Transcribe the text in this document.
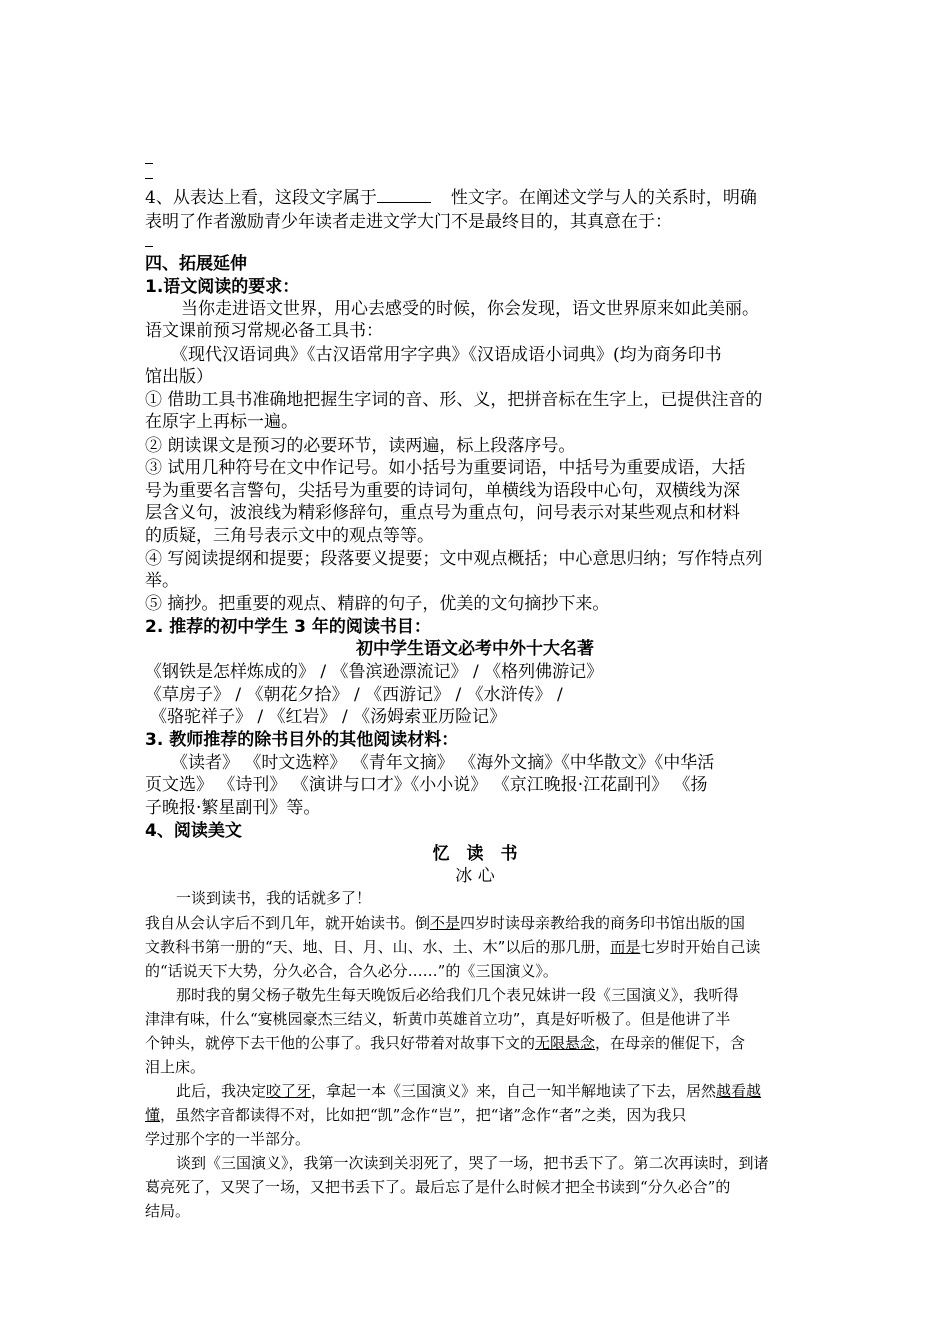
4、从表达上看，这段文字属于	性文字。在阐述文学与人的关系时，明确
表明了作者激励青少年读者走进文学大门不是最终目的，其真意在于：
四、拓展延伸
1.语文阅读的要求：
当你走进语文世界，用心去感受的时候，你会发现，语文世界原来如此美丽。
语文课前预习常规必备工具书：
《现代汉语词典》《古汉语常用字字典》《汉语成语小词典》(均为商务印书
馆出版）
① 借助工具书准确地把握生字词的音、形、义，把拼音标在生字上，已提供注音的
在原字上再标一遍。
② 朗读课文是预习的必要环节，读两遍，标上段落序号。
③ 试用几种符号在文中作记号。如小括号为重要词语，中括号为重要成语，大括
号为重要名言警句，尖括号为重要的诗词句，单横线为语段中心句，双横线为深
层含义句，波浪线为精彩修辞句，重点号为重点句，问号表示对某些观点和材料
的质疑，三角号表示文中的观点等等。
④ 写阅读提纲和提要；段落要义提要；文中观点概括；中心意思归纳；写作特点列
举。
⑤ 摘抄。把重要的观点、精辟的句子，优美的文句摘抄下来。
2. 推荐的初中学生 3 年的阅读书目：
初中学生语文必考中外十大名著
《钢铁是怎样炼成的》 / 《鲁滨逊漂流记》 / 《格列佛游记》
《草房子》 / 《朝花夕拾》 / 《西游记》 / 《水浒传》 /
《骆驼祥子》 / 《红岩》 / 《汤姆索亚历险记》
3. 教师推荐的除书目外的其他阅读材料：
《读者》 《时文选粹》 《青年文摘》 《海外文摘》《中华散文》《中华活
页文选》 《诗刊》 《演讲与口才》《小小说》 《京江晚报·江花副刊》 《扬
子晚报·繁星副刊》等。
4、阅读美文
忆　读　书
冰 心
一谈到读书，我的话就多了！
我自从会认字后不到几年，就开始读书。倒不是四岁时读母亲教给我的商务印书馆出版的国
文教科书第一册的“天、地、日、月、山、水、土、木”以后的那几册，而是七岁时开始自己读
的“话说天下大势，分久必合，合久必分……”的《三国演义》。
那时我的舅父杨子敬先生每天晚饭后必给我们几个表兄妹讲一段《三国演义》，我听得
津津有味，什么“宴桃园豪杰三结义，斩黄巾英雄首立功”，真是好听极了。但是他讲了半
个钟头，就停下去干他的公事了。我只好带着对故事下文的无限悬念，在母亲的催促下，含
泪上床。
此后，我决定咬了牙，拿起一本《三国演义》来，自己一知半解地读了下去，居然越看越
懂，虽然字音都读得不对，比如把“凯”念作“岂”，把“诸”念作“者”之类，因为我只
学过那个字的一半部分。
谈到《三国演义》，我第一次读到关羽死了，哭了一场，把书丢下了。第二次再读时，到诸
葛亮死了，又哭了一场，又把书丢下了。最后忘了是什么时候才把全书读到“分久必合”的
结局。
